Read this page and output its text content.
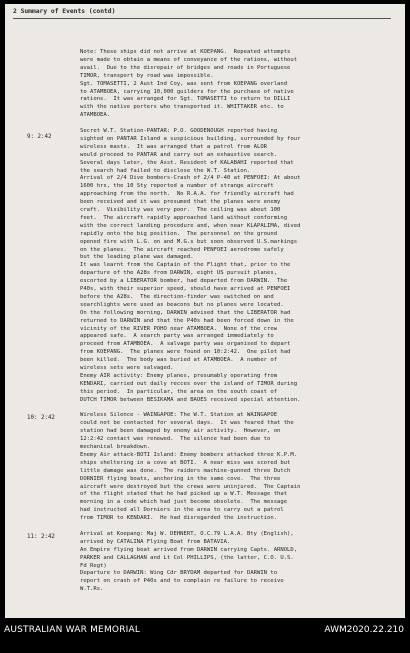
2 Summary of Events (contd)
9: 2:42
10: 2:42
11: 2:42
Note: These ships did not arrive at KOEPANG.  Repeated attempts
were made to obtain a means of conveyance of the rations, without
avail.  Due to the disrepair of bridges and roads in Portuguese
TIMOR, transport by road was impossible.
Sgt. TOMASETTI, 2 Aust Ind Coy, was sent from KOEPANG overland
to ATAMBOEA, carrying 10,000 guilders for the purchase of native
rations.  It was arranged for Sgt. TOMASETTI to return to DILLI
with the native porters who transported it. WHITTAKER etc. to
ATAMBOEA.
Secret W.T. Station-PANTAR: P.O. GOODENOUGH reported having
sighted on PANTAR Island a suspicious building, surrounded by four
wireless masts.  It was arranged that a patrol from ALOR
would proceed to PANTAR and carry out an exhaustive search.
Several days later, the Asst. Resident of KALABAHI reported that
the search had failed to disclose the W.T. Station.
Arrival of 2/4 Dive bombers-Crash of 2/4 P-40 at PENFOEI: At about
1600 hrs, the 10 Sty reported a number of strange aircraft
approaching from the north.  No R.A.A. for friendly aircraft had
been received and it was presumed that the planes were enemy
craft.  Visibility was very poor.  The ceiling was about 100
feet.  The aircraft rapidly approached land without conforming
with the correct landing procedure and, when near KLAPALIMA, dived
rapidly onto the big position.  The personnel on the ground
opened fire with L.G. on and M.G.s but soon observed U.S.markings
on the planes.  The aircraft reached PENFOEI aerodrome safely
but the leading plane was damaged.
It was learnt from the Captain of the Flight that, prior to the
departure of the A28s from DARWIN, eight US pursuit planes,
escorted by a LIBERATOR bomber, had departed from DARWIN.  The
P40s, with their superior speed, should have arrived at PENFOEI
before the A28s.  The direction-finder was switched on and
searchlights were used as beacons but no planes were located.
On the following morning, DARWIN advised that the LIBERATOR had
returned to DARWIN and that the P40s had been forced down in the
vicinity of the RIVER POHO near ATAMBOEA.  None of the crew
appeared safe.  A search party was arranged immediately to
proceed from ATAMBOEA.  A salvage party was organised to depart
from KOEPANG.  The planes were found on 10:2:42.  One pilot had
been killed.  The body was buried at ATAMBOEA.  A number of
wireless sets were salvaged.
Enemy AIR activity: Enemy planes, presumably operating from
KENDARI, carried out daily recces over the island of TIMOR during
this period.  In particular, the area on the south coast of
DUTCH TIMOR between BESIKAMA and BAOES received special attention.
Wireless Silence - WAINGAPOE: The W.T. Station at WAINGAPOE
could not be contacted for several days.  It was feared that the
station had been damaged by enemy air activity.  However, on
12:2:42 contact was renewed.  The silence had been due to
mechanical breakdown.
Enemy Air attack-BOTI Island: Enemy bombers attacked three K.P.M.
ships sheltering in a cove at BOTI.  A near miss was scored but
little damage was done.  The raiders machine-gunned three Dutch
DORNIER flying boats, anchoring in the same cove.  The three
aircraft were destroyed but the crews were uninjured.  The Captain
of the flight stated that he had picked up a W.T. Message that
morning in a code which had just become obsolete.  The message
had instructed all Dorniers in the area to carry out a patrol
from TIMOR to KENDARI.  He had disregarded the instruction.
Arrival at Koepang: Maj W. DEHNERT, O.C.79 L.A.A. Bty (English),
arrived by CATALINA Flying Boat from BATAVIA.
An Empire flying boat arrived from DARWIN carrying Capts. ARNOLD,
PARKER and CALLAGHAN and Lt Col PHILLIPS, (the latter, C.O. U.S.
Fd Regt)
Departure to DARWIN: Wing Cdr BRYDAM departed for DARWIN to
report on crash of P40s and to complain re failure to receive
W.T.Rs.
AUSTRALIAN WAR MEMORIAL	AWM2020.22.210
